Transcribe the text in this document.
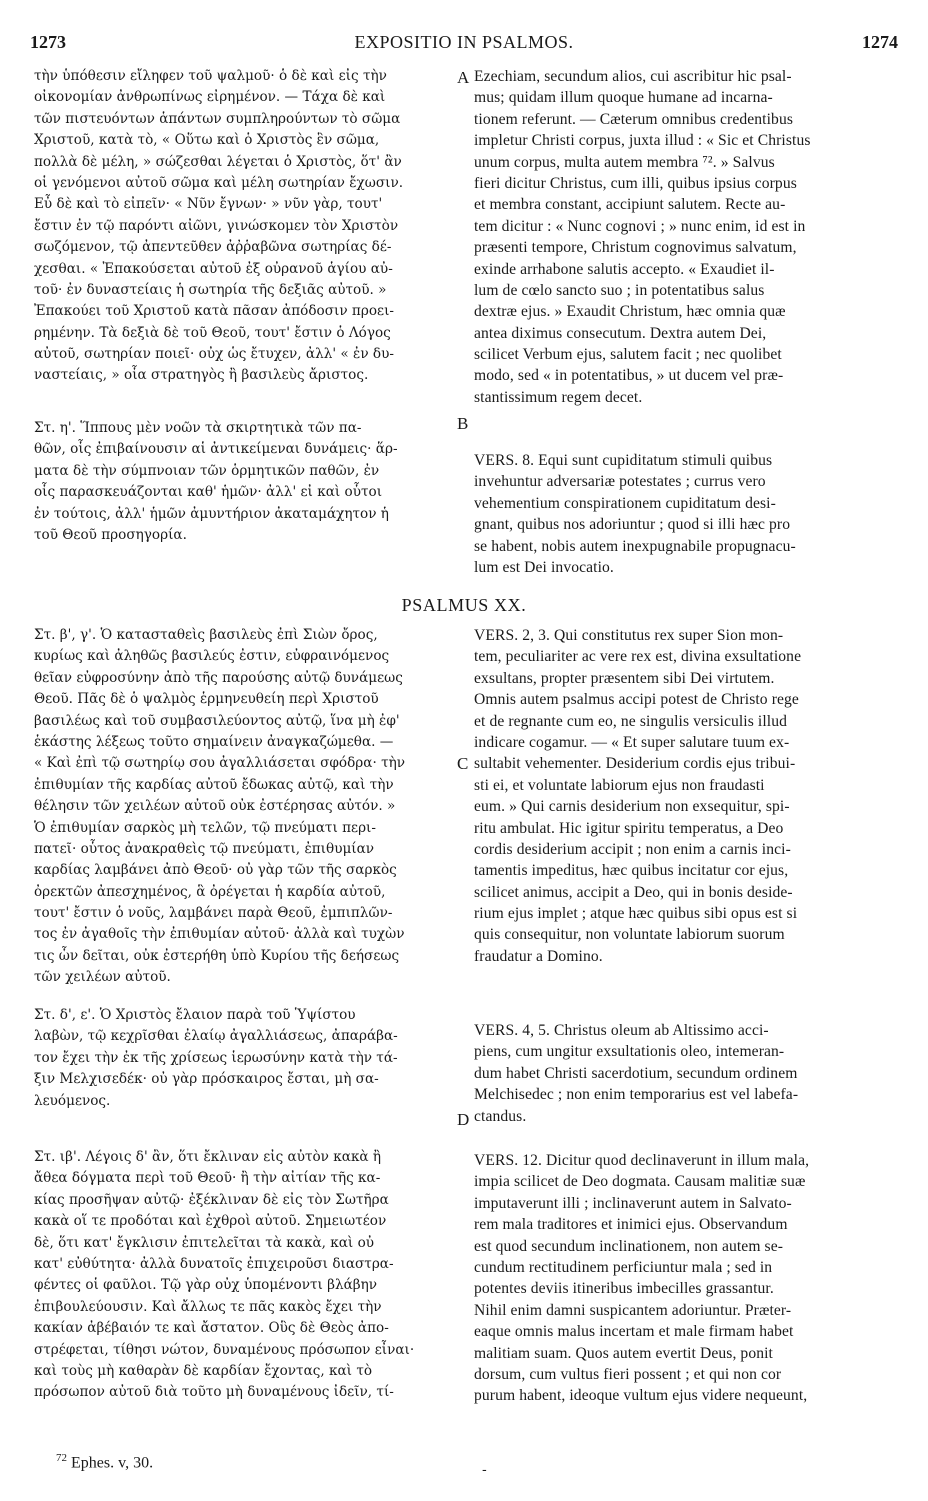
1273	EXPOSITIO IN PSALMOS.	1274
τὴν ὑπόθεσιν εἴληφεν τοῦ ψαλμοῦ· ὁ δὲ καὶ εἰς τὴν
οἰκονομίαν ἀνθρωπίνως εἰρημένον. — Τάχα δὲ καὶ
τῶν πιστευόντων ἁπάντων συμπληρούντων τὸ σῶμα
Χριστοῦ, κατὰ τὸ, « Οὕτω καὶ ὁ Χριστὸς ἓν σῶμα,
πολλὰ δὲ μέλη, » σώζεσθαι λέγεται ὁ Χριστὸς, ὅτ' ἂν
οἱ γενόμενοι αὐτοῦ σῶμα καὶ μέλη σωτηρίαν ἔχωσιν.
Εὖ δὲ καὶ τὸ εἰπεῖν· « Νῦν ἔγνων· » νῦν γὰρ, τουτ'
ἔστιν ἐν τῷ παρόντι αἰῶνι, γινώσκομεν τὸν Χριστὸν
σωζόμενον, τῷ ἀπεντεῦθεν ἀῤῥαβῶνα σωτηρίας δέ-
χεσθαι. « Ἐπακούσεται αὐτοῦ ἐξ οὐρανοῦ ἁγίου αὐ-
τοῦ· ἐν δυναστείαις ἡ σωτηρία τῆς δεξιᾶς αὐτοῦ. »
Ἐπακούει τοῦ Χριστοῦ κατὰ πᾶσαν ἀπόδοσιν προει-
ρημένην. Τὰ δεξιὰ δὲ τοῦ Θεοῦ, τουτ' ἔστιν ὁ Λόγος
αὐτοῦ, σωτηρίαν ποιεῖ· οὐχ ὡς ἔτυχεν, ἀλλ' « ἐν δυ-
ναστείαις, » οἷα στρατηγὸς ἢ βασιλεὺς ἄριστος.
Στ. η'. Ἵππους μὲν νοῶν τὰ σκιρτητικὰ τῶν πα-
θῶν, οἷς ἐπιβαίνουσιν αἱ ἀντικείμεναι δυνάμεις· ἅρ-
ματα δὲ τὴν σύμπνοιαν τῶν ὁρμητικῶν παθῶν, ἐν
οἷς παρασκευάζονται καθ' ἡμῶν· ἀλλ' εἰ καὶ οὗτοι
ἐν τούτοις, ἀλλ' ἡμῶν ἀμυντήριον ἀκαταμάχητον ἡ
τοῦ Θεοῦ προσηγορία.
Ezechiam, secundum alios, cui ascribitur hic psal-
mus; quidam illum quoque humane ad incarna-
tionem referunt. — Cæterum omnibus credentibus
impletur Christi corpus, juxta illud : « Sic et Christus
unum corpus, multa autem membra ⁷². » Salvus
fieri dicitur Christus, cum illi, quibus ipsius corpus
et membra constant, accipiunt salutem. Recte au-
tem dicitur : « Nunc cognovi ; » nunc enim, id est in
præsenti tempore, Christum cognovimus salvatum,
exinde arrhabone salutis accepto. « Exaudiet il-
lum de cœlo sancto suo ; in potentatibus salus
dextræ ejus. » Exaudit Christum, hæc omnia quæ
antea diximus consecutum. Dextra autem Dei,
scilicet Verbum ejus, salutem facit ; nec quolibet
modo, sed « in potentatibus, » ut ducem vel præ-
stantissimum regem decet.
VERS. 8. Equi sunt cupiditatum stimuli quibus
invehuntur adversariæ potestates ; currus vero
vehementium conspirationem cupiditatum desi-
gnant, quibus nos adoriuntur ; quod si illi hæc pro
se habent, nobis autem inexpugnabile propugnacu-
lum est Dei invocatio.
A
B
C
D
PSALMUS XX.
Στ. β', γ'. Ὁ κατασταθεὶς βασιλεὺς ἐπὶ Σιὼν ὄρος,
κυρίως καὶ ἀληθῶς βασιλεύς ἐστιν, εὐφραινόμενος
θεῖαν εὐφροσύνην ἀπὸ τῆς παρούσης αὐτῷ δυνάμεως
Θεοῦ. Πᾶς δὲ ὁ ψαλμὸς ἑρμηνευθείη περὶ Χριστοῦ
βασιλέως καὶ τοῦ συμβασιλεύοντος αὐτῷ, ἵνα μὴ ἐφ'
ἑκάστης λέξεως τοῦτο σημαίνειν ἀναγκαζώμεθα. —
« Καὶ ἐπὶ τῷ σωτηρίῳ σου ἀγαλλιάσεται σφόδρα· τὴν
ἐπιθυμίαν τῆς καρδίας αὐτοῦ ἔδωκας αὐτῷ, καὶ τὴν
θέλησιν τῶν χειλέων αὐτοῦ οὐκ ἐστέρησας αὐτόν. »
Ὁ ἐπιθυμίαν σαρκὸς μὴ τελῶν, τῷ πνεύματι περι-
πατεῖ· οὗτος ἀνακραθεὶς τῷ πνεύματι, ἐπιθυμίαν
καρδίας λαμβάνει ἀπὸ Θεοῦ· οὐ γὰρ τῶν τῆς σαρκὸς
ὀρεκτῶν ἀπεσχημένος, ἃ ὀρέγεται ἡ καρδία αὐτοῦ,
τουτ' ἔστιν ὁ νοῦς, λαμβάνει παρὰ Θεοῦ, ἐμπιπλῶν-
τος ἐν ἀγαθοῖς τὴν ἐπιθυμίαν αὐτοῦ· ἀλλὰ καὶ τυχὼν
τις ὧν δεῖται, οὐκ ἐστερήθη ὑπὸ Κυρίου τῆς δεήσεως
τῶν χειλέων αὐτοῦ.
Στ. δ', ε'. Ὁ Χριστὸς ἔλαιον παρὰ τοῦ Ὑψίστου
λαβὼν, τῷ κεχρῖσθαι ἐλαίῳ ἀγαλλιάσεως, ἀπαράβα-
τον ἔχει τὴν ἐκ τῆς χρίσεως ἱερωσύνην κατὰ τὴν τά-
ξιν Μελχισεδέκ· οὐ γὰρ πρόσκαιρος ἔσται, μὴ σα-
λευόμενος.
Στ. ιβ'. Λέγοις δ' ἂν, ὅτι ἔκλιναν εἰς αὐτὸν κακὰ ἢ
ἄθεα δόγματα περὶ τοῦ Θεοῦ· ἢ τὴν αἰτίαν τῆς κα-
κίας προσῆψαν αὐτῷ· ἐξέκλιναν δὲ εἰς τὸν Σωτῆρα
κακὰ οἵ τε προδόται καὶ ἐχθροὶ αὐτοῦ. Σημειωτέον
δὲ, ὅτι κατ' ἔγκλισιν ἐπιτελεῖται τὰ κακὰ, καὶ οὐ
κατ' εὐθύτητα· ἀλλὰ δυνατοῖς ἐπιχειροῦσι διαστρα-
φέντες οἱ φαῦλοι. Τῷ γὰρ οὐχ ὑπομένοντι βλάβην
ἐπιβουλεύουσιν. Καὶ ἄλλως τε πᾶς κακὸς ἔχει τὴν
κακίαν ἀβέβαιόν τε καὶ ἄστατον. Οὓς δὲ Θεὸς ἀπο-
στρέφεται, τίθησι νώτον, δυναμένους πρόσωπον εἶναι·
καὶ τοὺς μὴ καθαρὰν δὲ καρδίαν ἔχοντας, καὶ τὸ
πρόσωπον αὐτοῦ διὰ τοῦτο μὴ δυναμένους ἰδεῖν, τί-
VERS. 2, 3. Qui constitutus rex super Sion mon-
tem, peculiariter ac vere rex est, divina exsultatione
exsultans, propter præsentem sibi Dei virtutem.
Omnis autem psalmus accipi potest de Christo rege
et de regnante cum eo, ne singulis versiculis illud
indicare cogamur. — « Et super salutare tuum ex-
sultabit vehementer. Desiderium cordis ejus tribui-
sti ei, et voluntate labiorum ejus non fraudasti
eum. » Qui carnis desiderium non exsequitur, spi-
ritu ambulat. Hic igitur spiritu temperatus, a Deo
cordis desiderium accipit ; non enim a carnis inci-
tamentis impeditus, hæc quibus incitatur cor ejus,
scilicet animus, accipit a Deo, qui in bonis deside-
rium ejus implet ; atque hæc quibus sibi opus est si
quis consequitur, non voluntate labiorum suorum
fraudatur a Domino.
VERS. 4, 5. Christus oleum ab Altissimo acci-
piens, cum ungitur exsultationis oleo, intemeran-
dum habet Christi sacerdotium, secundum ordinem
Melchisedec ; non enim temporarius est vel labefa-
ctandus.
VERS. 12. Dicitur quod declinaverunt in illum mala,
impia scilicet de Deo dogmata. Causam malitiæ suæ
imputaverunt illi ; inclinaverunt autem in Salvato-
rem mala traditores et inimici ejus. Observandum
est quod secundum inclinationem, non autem se-
cundum rectitudinem perficiuntur mala ; sed in
potentes deviis itineribus imbecilles grassantur.
Nihil enim damni suspicantem adoriuntur. Præter-
eaque omnis malus incertam et male firmam habet
malitiam suam. Quos autem evertit Deus, ponit
dorsum, cum vultus fieri possent ; et qui non cor
purum habent, ideoque vultum ejus videre nequeunt,
$^{72}$ Ephes. v, 30.	-
